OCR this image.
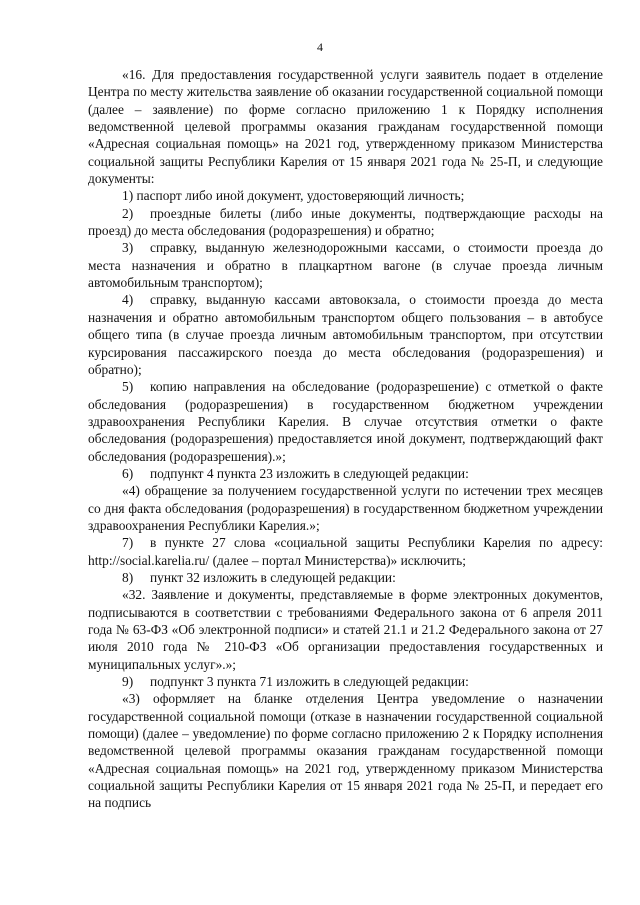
4

«16. Для предоставления государственной услуги заявитель подает в отделение Центра по месту жительства заявление об оказании государственной социальной помощи (далее – заявление) по форме согласно приложению 1 к Порядку исполнения ведомственной целевой программы оказания гражданам государственной помощи «Адресная социальная помощь» на 2021 год, утвержденному приказом Министерства социальной защиты Республики Карелия от 15 января 2021 года № 25-П, и следующие документы:

1) паспорт либо иной документ, удостоверяющий личность;

2) проездные билеты (либо иные документы, подтверждающие расходы на проезд) до места обследования (родоразрешения) и обратно;

3) справку, выданную железнодорожными кассами, о стоимости проезда до места назначения и обратно в плацкартном вагоне (в случае проезда личным автомобильным транспортом);

4) справку, выданную кассами автовокзала, о стоимости проезда до места назначения и обратно автомобильным транспортом общего пользования – в автобусе общего типа (в случае проезда личным автомобильным транспортом, при отсутствии курсирования пассажирского поезда до места обследования (родоразрешения) и обратно);

5) копию направления на обследование (родоразрешение) с отметкой о факте обследования (родоразрешения) в государственном бюджетном учреждении здравоохранения Республики Карелия. В случае отсутствия отметки о факте обследования (родоразрешения) предоставляется иной документ, подтверждающий факт обследования (родоразрешения).»;

6) подпункт 4 пункта 23 изложить в следующей редакции:

«4) обращение за получением государственной услуги по истечении трех месяцев со дня факта обследования (родоразрешения) в государственном бюджетном учреждении здравоохранения Республики Карелия.»;

7) в пункте 27 слова «социальной защиты Республики Карелия по адресу: http://social.karelia.ru/ (далее – портал Министерства)» исключить;

8) пункт 32 изложить в следующей редакции:

«32. Заявление и документы, представляемые в форме электронных документов, подписываются в соответствии с требованиями Федерального закона от 6 апреля 2011 года № 63-ФЗ «Об электронной подписи» и статей 21.1 и 21.2 Федерального закона от 27 июля 2010 года № 210-ФЗ «Об организации предоставления государственных и муниципальных услуг».»;

9) подпункт 3 пункта 71 изложить в следующей редакции:

«3) оформляет на бланке отделения Центра уведомление о назначении государственной социальной помощи (отказе в назначении государственной социальной помощи) (далее – уведомление) по форме согласно приложению 2 к Порядку исполнения ведомственной целевой программы оказания гражданам государственной помощи «Адресная социальная помощь» на 2021 год, утвержденному приказом Министерства социальной защиты Республики Карелия от 15 января 2021 года № 25-П, и передает его на подпись
